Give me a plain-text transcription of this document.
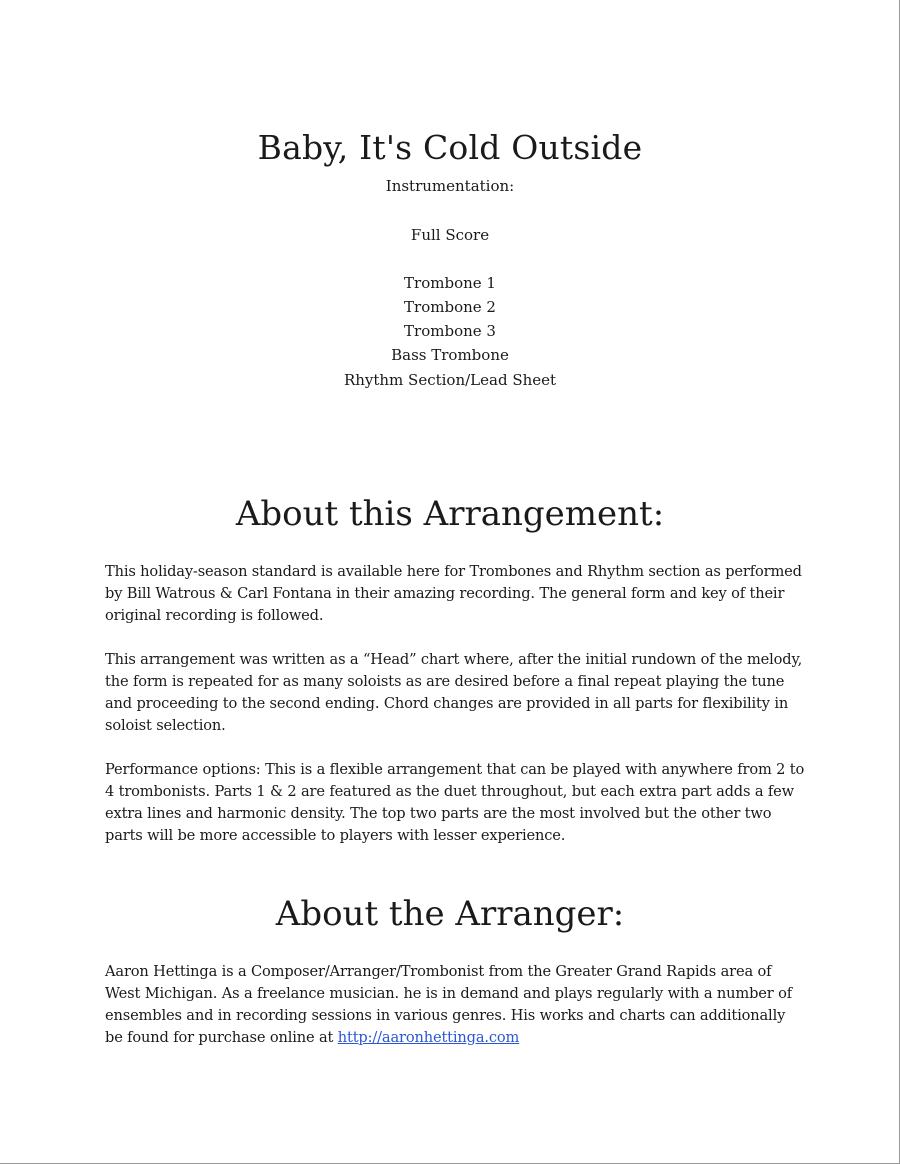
Baby, It's Cold Outside

Instrumentation:

Full Score

Trombone 1

Trombone 2

Trombone 3

Bass Trombone

Rhythm Section/Lead Sheet

About this Arrangement:

This holiday-season standard is available here for Trombones and Rhythm section as performed by Bill Watrous & Carl Fontana in their amazing recording. The general form and key of their original recording is followed.

This arrangement was written as a “Head” chart where, after the initial rundown of the melody, the form is repeated for as many soloists as are desired before a final repeat playing the tune and proceeding to the second ending. Chord changes are provided in all parts for flexibility in soloist selection.

Performance options: This is a flexible arrangement that can be played with anywhere from 2 to 4 trombonists. Parts 1 & 2 are featured as the duet throughout, but each extra part adds a few extra lines and harmonic density. The top two parts are the most involved but the other two parts will be more accessible to players with lesser experience.

About the Arranger:

Aaron Hettinga is a Composer/Arranger/Trombonist from the Greater Grand Rapids area of West Michigan. As a freelance musician. he is in demand and plays regularly with a number of ensembles and in recording sessions in various genres. His works and charts can additionally be found for purchase online at http://aaronhettinga.com
